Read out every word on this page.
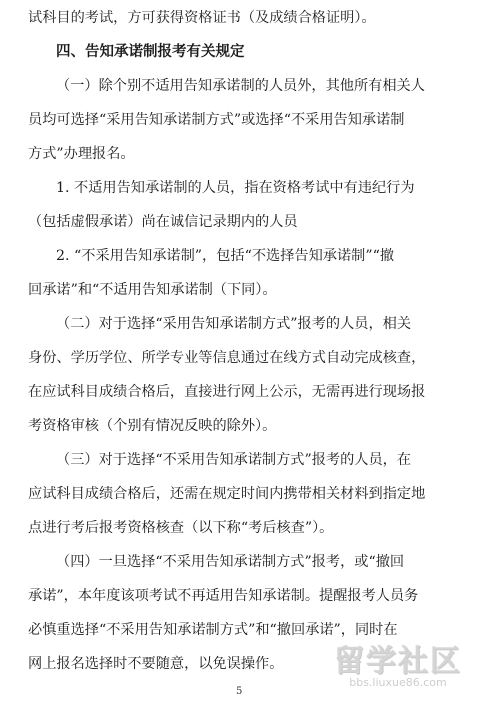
试科目的考试，方可获得资格证书（及成绩合格证明）。
四、告知承诺制报考有关规定
（一）除个别不适用告知承诺制的人员外，其他所有相关人
员均可选择“采用告知承诺制方式”或选择“不采用告知承诺制
方式”办理报名。
1. 不适用告知承诺制的人员，指在资格考试中有违纪行为
（包括虚假承诺）尚在诚信记录期内的人员
2. “不采用告知承诺制”，包括“不选择告知承诺制”“撤
回承诺”和“不适用告知承诺制（下同）。
（二）对于选择“采用告知承诺制方式”报考的人员，相关
身份、学历学位、所学专业等信息通过在线方式自动完成核查，
在应试科目成绩合格后，直接进行网上公示，无需再进行现场报
考资格审核（个别有情况反映的除外）。
（三）对于选择“不采用告知承诺制方式”报考的人员，在
应试科目成绩合格后，还需在规定时间内携带相关材料到指定地
点进行考后报考资格核查（以下称“考后核查”）。
（四）一旦选择“不采用告知承诺制方式”报考，或“撤回
承诺”，本年度该项考试不再适用告知承诺制。提醒报考人员务
必慎重选择“不采用告知承诺制方式”和“撤回承诺”，同时在
网上报名选择时不要随意，以免误操作。
5
留学社区
bbs.liuxue86.com
